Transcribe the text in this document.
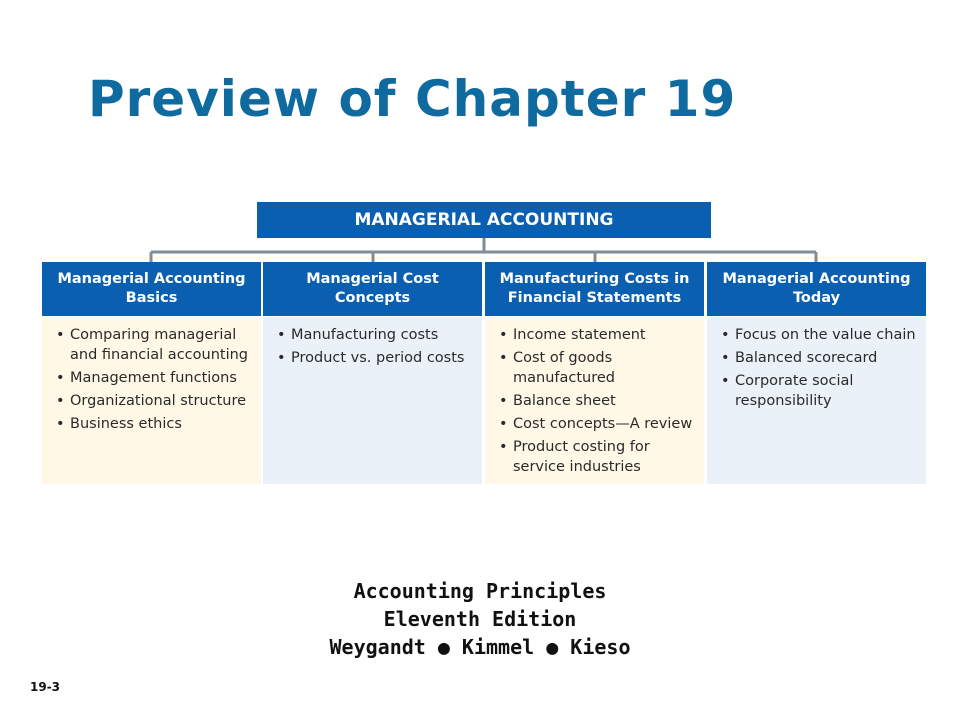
Preview of Chapter 19
MANAGERIAL ACCOUNTING
Managerial Accounting Basics
Managerial Cost Concepts
Manufacturing Costs in Financial Statements
Managerial Accounting Today
• Comparing managerial and financial accounting
• Management functions
• Organizational structure
• Business ethics
• Manufacturing costs
• Product vs. period costs
• Income statement
• Cost of goods manufactured
• Balance sheet
• Cost concepts—A review
• Product costing for service industries
• Focus on the value chain
• Balanced scorecard
• Corporate social responsibility
Accounting Principles
Eleventh Edition
Weygandt ● Kimmel ● Kieso
19-3
